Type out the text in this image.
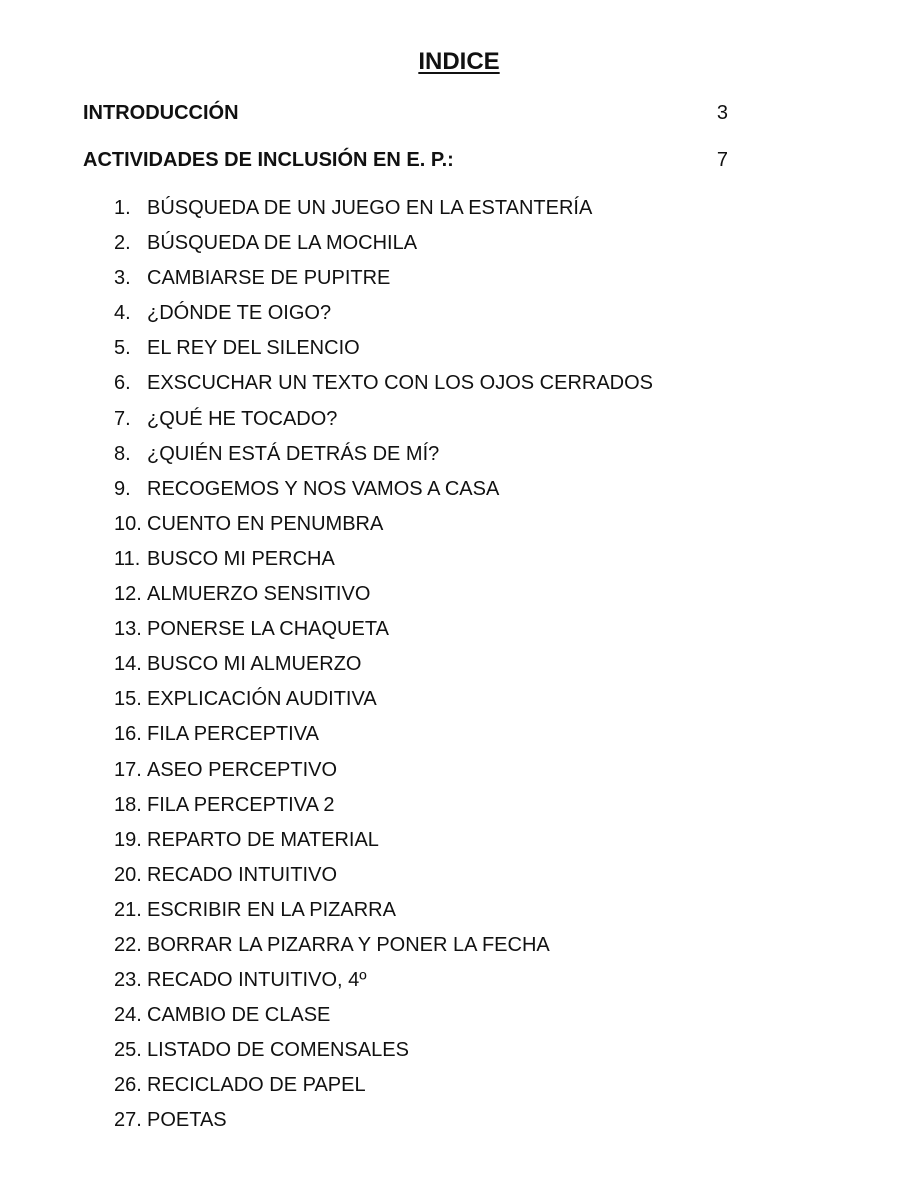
INDICE
INTRODUCCIÓN	3
ACTIVIDADES DE INCLUSIÓN EN E. P.:	7
1. BÚSQUEDA DE UN JUEGO EN LA ESTANTERÍA
2. BÚSQUEDA DE LA MOCHILA
3. CAMBIARSE DE PUPITRE
4. ¿DÓNDE TE OIGO?
5. EL REY DEL SILENCIO
6. EXSCUCHAR UN TEXTO CON LOS OJOS CERRADOS
7. ¿QUÉ HE TOCADO?
8. ¿QUIÉN ESTÁ DETRÁS DE MÍ?
9. RECOGEMOS Y NOS VAMOS A CASA
10. CUENTO EN PENUMBRA
11. BUSCO MI PERCHA
12. ALMUERZO SENSITIVO
13. PONERSE LA CHAQUETA
14. BUSCO MI ALMUERZO
15. EXPLICACIÓN AUDITIVA
16. FILA PERCEPTIVA
17. ASEO PERCEPTIVO
18. FILA PERCEPTIVA 2
19. REPARTO DE MATERIAL
20. RECADO INTUITIVO
21. ESCRIBIR EN LA PIZARRA
22. BORRAR LA PIZARRA Y PONER LA FECHA
23. RECADO INTUITIVO, 4º
24. CAMBIO DE CLASE
25. LISTADO DE COMENSALES
26. RECICLADO DE PAPEL
27. POETAS
